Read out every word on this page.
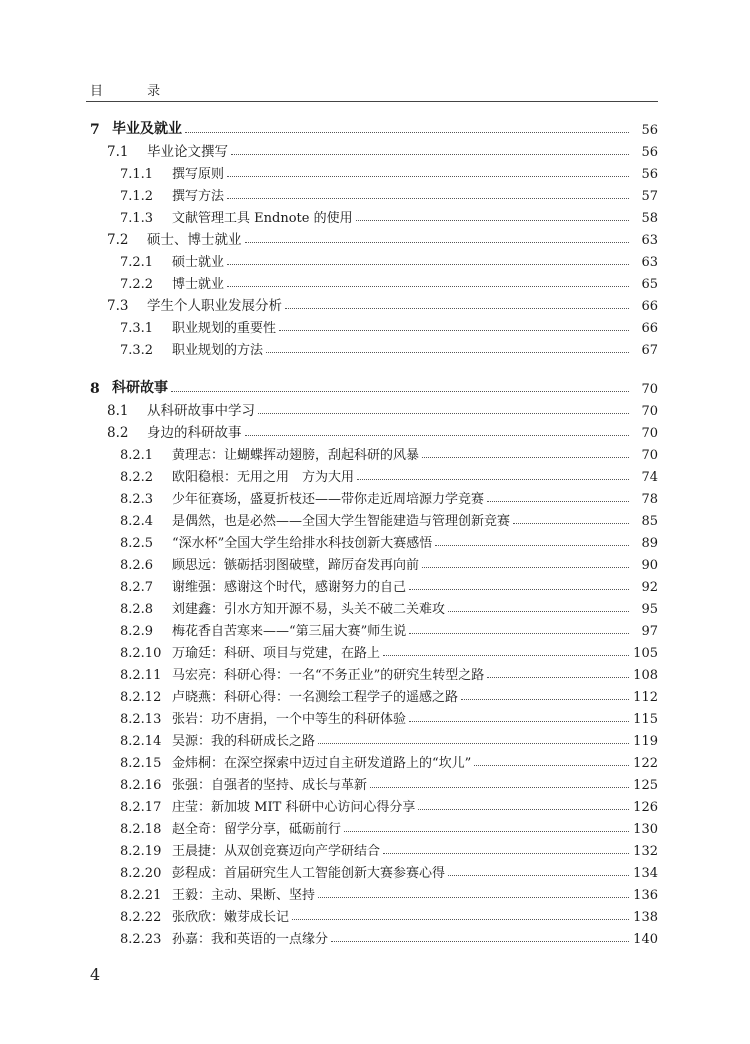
目 录
7 毕业及就业	56
7.1	毕业论文撰写	56
7.1.1	撰写原则	56
7.1.2	撰写方法	57
7.1.3	文献管理工具 Endnote 的使用	58
7.2	硕士、博士就业	63
7.2.1	硕士就业	63
7.2.2	博士就业	65
7.3	学生个人职业发展分析	66
7.3.1	职业规划的重要性	66
7.3.2	职业规划的方法	67
8 科研故事	70
8.1	从科研故事中学习	70
8.2	身边的科研故事	70
8.2.1	黄理志：让蝴蝶挥动翅膀，刮起科研的风暴	70
8.2.2	欧阳稳根：无用之用　方为大用	74
8.2.3	少年征赛场，盛夏折枝还——带你走近周培源力学竞赛	78
8.2.4	是偶然，也是必然——全国大学生智能建造与管理创新竞赛	85
8.2.5	“深水杯”全国大学生给排水科技创新大赛感悟	89
8.2.6	顾思远：镞砺括羽图破壁，蹄厉奋发再向前	90
8.2.7	谢维强：感谢这个时代，感谢努力的自己	92
8.2.8	刘建鑫：引水方知开源不易，头关不破二关难攻	95
8.2.9	梅花香自苦寒来——“第三届大赛”师生说	97
8.2.10 万瑜廷：科研、项目与党建，在路上	105
8.2.11 马宏亮：科研心得：一名“不务正业”的研究生转型之路	108
8.2.12 卢晓燕：科研心得：一名测绘工程学子的遥感之路	112
8.2.13 张岩：功不唐捐，一个中等生的科研体验	115
8.2.14 吴源：我的科研成长之路	119
8.2.15 金炜桐：在深空探索中迈过自主研发道路上的“坎儿”	122
8.2.16 张强：自强者的坚持、成长与革新	125
8.2.17 庄莹：新加坡 MIT 科研中心访问心得分享	126
8.2.18 赵全奇：留学分享，砥砺前行	130
8.2.19 王晨捷：从双创竞赛迈向产学研结合	132
8.2.20 彭程成：首届研究生人工智能创新大赛参赛心得	134
8.2.21 王毅：主动、果断、坚持	136
8.2.22 张欣欣：嫩芽成长记	138
8.2.23 孙嘉：我和英语的一点缘分	140
4
